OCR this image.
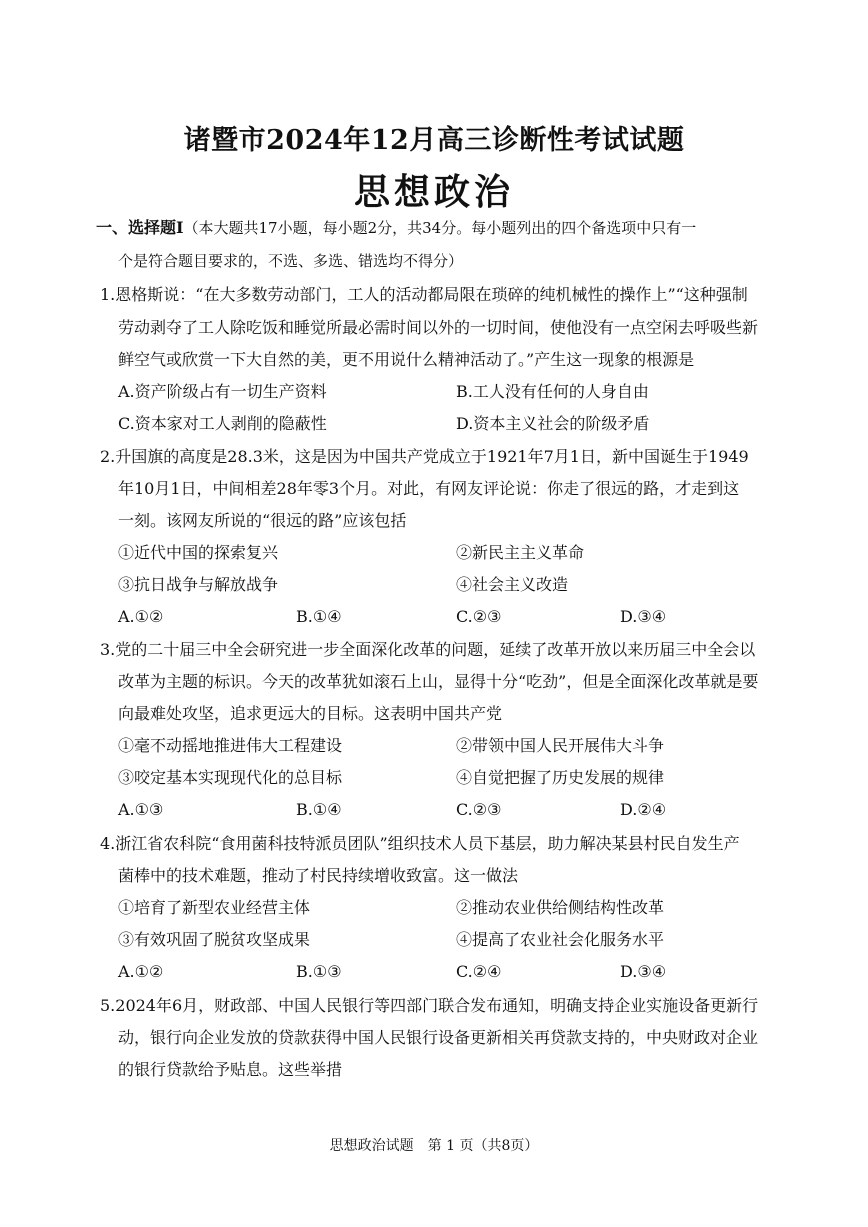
诸暨市2024年12月高三诊断性考试试题
思想政治
一、选择题Ⅰ（本大题共17小题，每小题2分，共34分。每小题列出的四个备选项中只有一
个是符合题目要求的，不选、多选、错选均不得分）
1.恩格斯说：“在大多数劳动部门，工人的活动都局限在琐碎的纯机械性的操作上”“这种强制
劳动剥夺了工人除吃饭和睡觉所最必需时间以外的一切时间，使他没有一点空闲去呼吸些新
鲜空气或欣赏一下大自然的美，更不用说什么精神活动了。”产生这一现象的根源是
A.资产阶级占有一切生产资料	B.工人没有任何的人身自由
C.资本家对工人剥削的隐蔽性	D.资本主义社会的阶级矛盾
2.升国旗的高度是28.3米，这是因为中国共产党成立于1921年7月1日，新中国诞生于1949
年10月1日，中间相差28年零3个月。对此，有网友评论说：你走了很远的路，才走到这
一刻。该网友所说的“很远的路”应该包括
①近代中国的探索复兴	②新民主主义革命
③抗日战争与解放战争	④社会主义改造
A.①②	B.①④	C.②③	D.③④
3.党的二十届三中全会研究进一步全面深化改革的问题，延续了改革开放以来历届三中全会以
改革为主题的标识。今天的改革犹如滚石上山，显得十分“吃劲”，但是全面深化改革就是要
向最难处攻坚，追求更远大的目标。这表明中国共产党
①毫不动摇地推进伟大工程建设	②带领中国人民开展伟大斗争
③咬定基本实现现代化的总目标	④自觉把握了历史发展的规律
A.①③	B.①④	C.②③	D.②④
4.浙江省农科院“食用菌科技特派员团队”组织技术人员下基层，助力解决某县村民自发生产
菌棒中的技术难题，推动了村民持续增收致富。这一做法
①培育了新型农业经营主体	②推动农业供给侧结构性改革
③有效巩固了脱贫攻坚成果	④提高了农业社会化服务水平
A.①②	B.①③	C.②④	D.③④
5.2024年6月，财政部、中国人民银行等四部门联合发布通知，明确支持企业实施设备更新行
动，银行向企业发放的贷款获得中国人民银行设备更新相关再贷款支持的，中央财政对企业
的银行贷款给予贴息。这些举措
思想政治试题　第 1 页（共8页）
